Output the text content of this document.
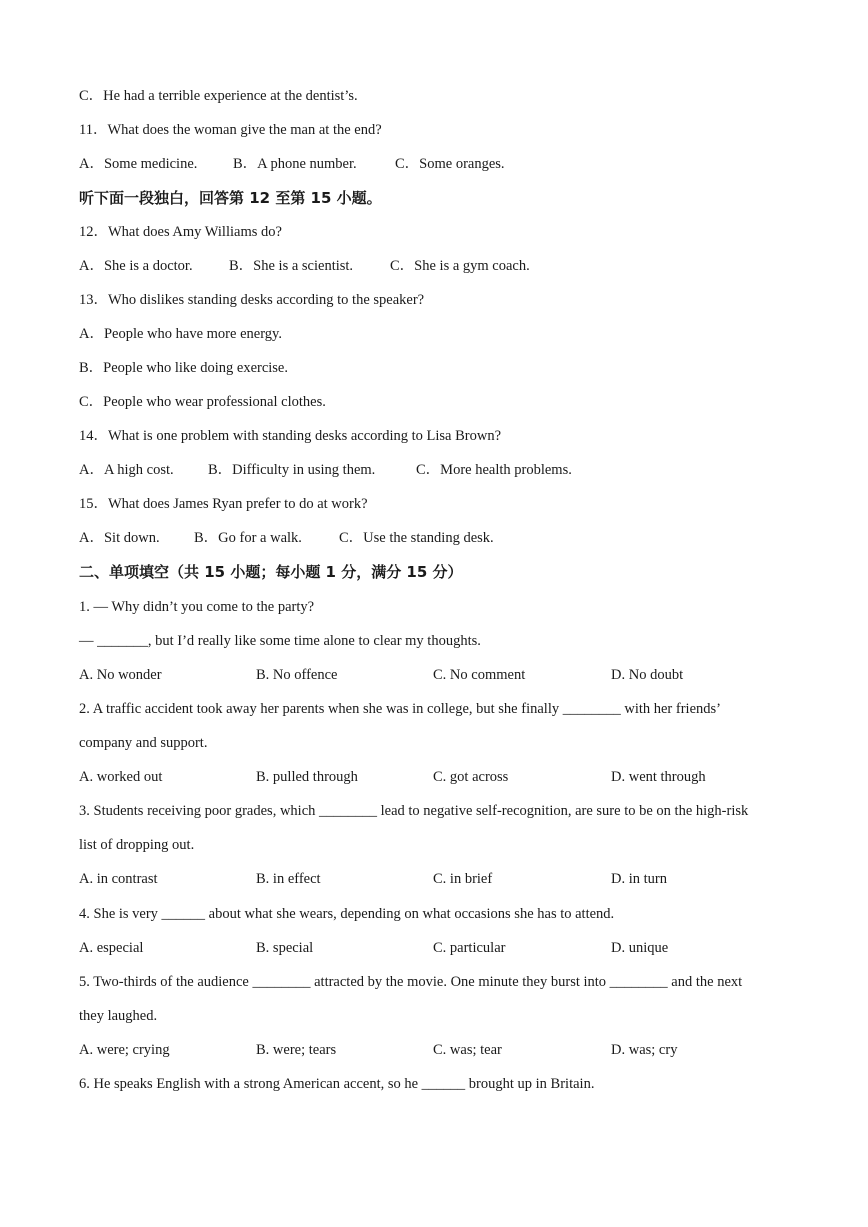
C．He had a terrible experience at the dentist’s.
11．What does the woman give the man at the end?
A．Some medicine. B．A phone number.	C．Some oranges.
听下面一段独白，回答第 12 至第 15 小题。
12．What does Amy Williams do?
A．She is a doctor.	B．She is a scientist.	C．She is a gym coach.
13．Who dislikes standing desks according to the speaker?
A．People who have more energy.
B．People who like doing exercise.
C．People who wear professional clothes.
14．What is one problem with standing desks according to Lisa Brown?
A．A high cost. B．Difficulty in using them.	C．More health problems.
15．What does James Ryan prefer to do at work?
A．Sit down. B．Go for a walk.	C．Use the standing desk.
二、单项填空（共 15 小题；每小题 1 分，满分 15 分）
1. — Why didn’t you come to the party?
— _______, but I’d really like some time alone to clear my thoughts.
A. No wonder	B. No offence	C. No comment	D. No doubt
2. A traffic accident took away her parents when she was in college, but she finally ________ with her friends’
company and support.
A. worked out	B. pulled through	C. got across	D. went through
3. Students receiving poor grades, which ________ lead to negative self-recognition, are sure to be on the high-risk
list of dropping out.
A. in contrast	B. in effect	C. in brief	D. in turn
4. She is very ______ about what she wears, depending on what occasions she has to attend.
A. especial	B. special	C. particular	D. unique
5. Two-thirds of the audience ________ attracted by the movie. One minute they burst into ________ and the next
they laughed.
A. were; crying	B. were; tears	C. was; tear	D. was; cry
6. He speaks English with a strong American accent, so he ______ brought up in Britain.
